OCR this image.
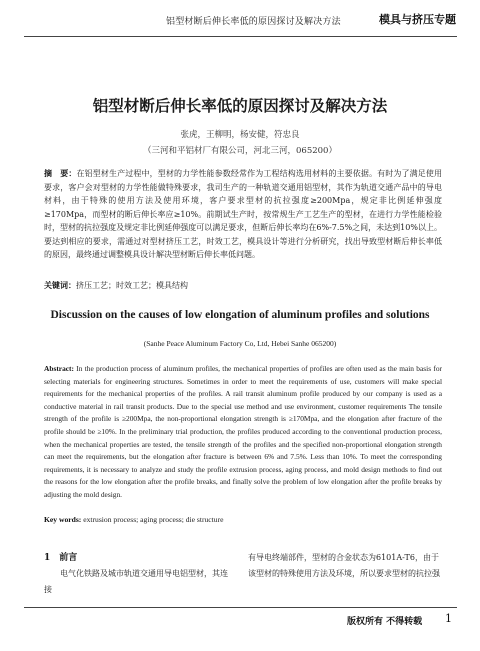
铝型材断后伸长率低的原因探讨及解决方法	模具与挤压专题
铝型材断后伸长率低的原因探讨及解决方法
张虎，王柳明，杨安健，符忠良
（三河和平铝材厂有限公司，河北三河，065200）
摘　要：在铝型材生产过程中，型材的力学性能参数经常作为工程结构选用材料的主要依据。有时为了满足使用要求，客户会对型材的力学性能做特殊要求，我司生产的一种轨道交通用铝型材，其作为轨道交通产品中的导电材料，由于特殊的使用方法及使用环境，客户要求型材的抗拉强度≥200Mpa，规定非比例延伸强度≥170Mpa，而型材的断后伸长率应≥10%。前期试生产时，按常规生产工艺生产的型材，在进行力学性能检验时，型材的抗拉强度及规定非比例延伸强度可以满足要求，但断后伸长率均在6%-7.5%之间，未达到10%以上。要达到相应的要求，需通过对型材挤压工艺，时效工艺，模具设计等进行分析研究，找出导致型材断后伸长率低的原因，最终通过调整模具设计解决型材断后伸长率低问题。
关键词：挤压工艺；时效工艺；模具结构
Discussion on the causes of low elongation of aluminum profiles and solutions
(Sanhe Peace Aluminum Factory Co, Ltd, Hebei Sanhe 065200)
Abstract: In the production process of aluminum profiles, the mechanical properties of profiles are often used as the main basis for selecting materials for engineering structures. Sometimes in order to meet the requirements of use, customers will make special requirements for the mechanical properties of the profiles. A rail transit aluminum profile produced by our company is used as a conductive material in rail transit products. Due to the special use method and use environment, customer requirements The tensile strength of the profile is ≥200Mpa, the non-proportional elongation strength is ≥170Mpa, and the elongation after fracture of the profile should be ≥10%. In the preliminary trial production, the profiles produced according to the conventional production process, when the mechanical properties are tested, the tensile strength of the profiles and the specified non-proportional elongation strength can meet the requirements, but the elongation after fracture is between 6% and 7.5%. Less than 10%. To meet the corresponding requirements, it is necessary to analyze and study the profile extrusion process, aging process, and mold design methods to find out the reasons for the low elongation after the profile breaks, and finally solve the problem of low elongation after the profile breaks by adjusting the mold design.
Key words: extrusion process; aging process; die structure
1　前言
电气化铁路及城市轨道交通用导电铝型材，其连接
有导电终端部件，型材的合金状态为6101A-T6，由于该型材的特殊使用方法及环境，所以要求型材的抗拉强
版权所有 不得转载 1
